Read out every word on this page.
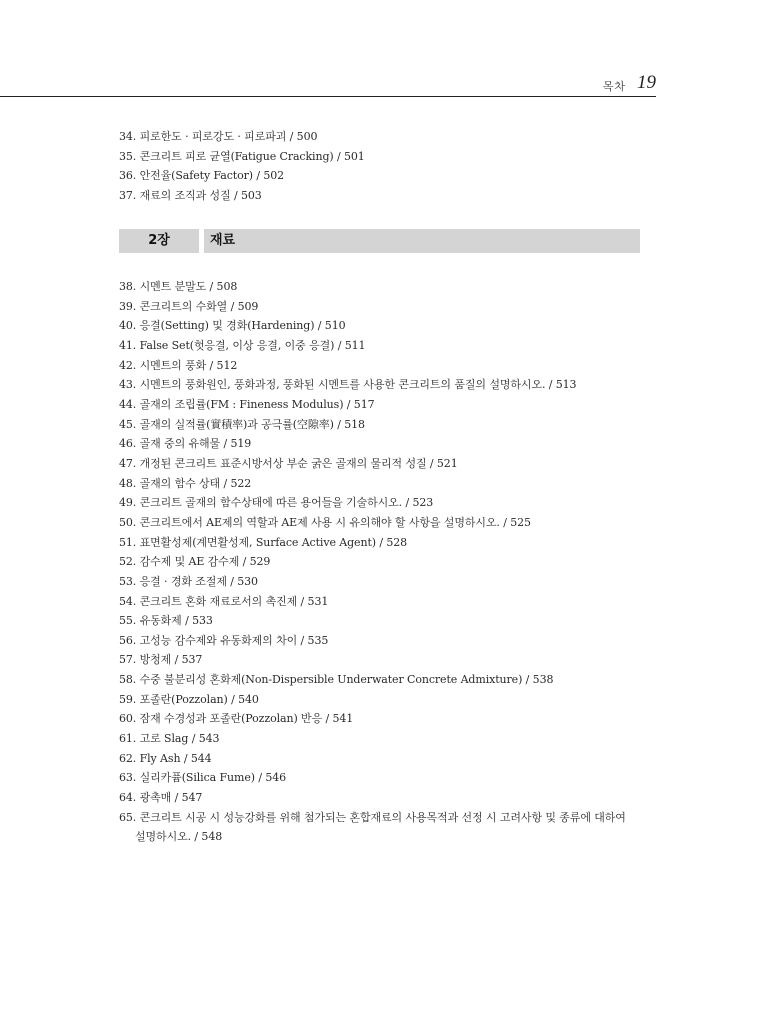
목차 19
34. 피로한도 · 피로강도 · 피로파괴 / 500
35. 콘크리트 피로 균열(Fatigue Cracking) / 501
36. 안전율(Safety Factor) / 502
37. 재료의 조직과 성질 / 503
2장	재료
38. 시멘트 분말도 / 508
39. 콘크리트의 수화열 / 509
40. 응결(Setting) 및 경화(Hardening) / 510
41. False Set(헛응결, 이상 응결, 이중 응결) / 511
42. 시멘트의 풍화 / 512
43. 시멘트의 풍화원인, 풍화과정, 풍화된 시멘트를 사용한 콘크리트의 품질의 설명하시오. / 513
44. 골재의 조립률(FM : Fineness Modulus) / 517
45. 골재의 실적률(實積率)과 공극률(空隙率) / 518
46. 골재 중의 유해물 / 519
47. 개정된 콘크리트 표준시방서상 부순 굵은 골재의 물리적 성질 / 521
48. 골재의 함수 상태 / 522
49. 콘크리트 골재의 함수상태에 따른 용어들을 기술하시오. / 523
50. 콘크리트에서 AE제의 역할과 AE제 사용 시 유의해야 할 사항을 설명하시오. / 525
51. 표면활성제(계면활성제, Surface Active Agent) / 528
52. 감수제 및 AE 감수제 / 529
53. 응결 · 경화 조절제 / 530
54. 콘크리트 혼화 재료로서의 촉진제 / 531
55. 유동화제 / 533
56. 고성능 감수제와 유동화제의 차이 / 535
57. 방청제 / 537
58. 수중 불분리성 혼화제(Non-Dispersible Underwater Concrete Admixture) / 538
59. 포졸란(Pozzolan) / 540
60. 잠재 수경성과 포졸란(Pozzolan) 반응 / 541
61. 고로 Slag / 543
62. Fly Ash / 544
63. 실리카퓸(Silica Fume) / 546
64. 광촉매 / 547
65. 콘크리트 시공 시 성능강화를 위해 첨가되는 혼합재료의 사용목적과 선정 시 고려사항 및 종류에 대하여
설명하시오. / 548
